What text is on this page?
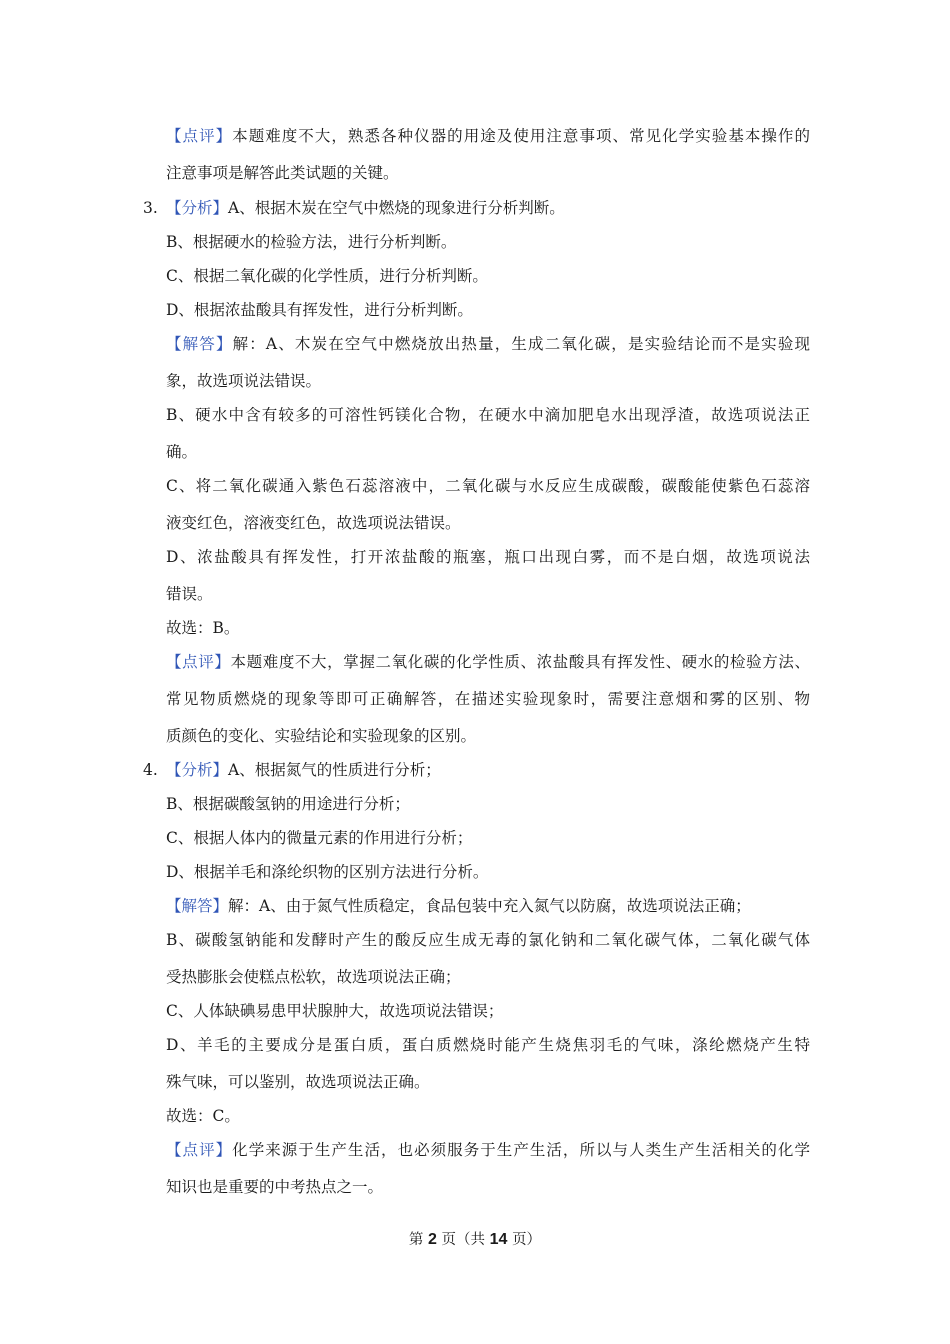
【点评】本题难度不大，熟悉各种仪器的用途及使用注意事项、常见化学实验基本操作的
注意事项是解答此类试题的关键。
3. 【分析】A、根据木炭在空气中燃烧的现象进行分析判断。
B、根据硬水的检验方法，进行分析判断。
C、根据二氧化碳的化学性质，进行分析判断。
D、根据浓盐酸具有挥发性，进行分析判断。
【解答】解：A、木炭在空气中燃烧放出热量，生成二氧化碳，是实验结论而不是实验现
象，故选项说法错误。
B、硬水中含有较多的可溶性钙镁化合物，在硬水中滴加肥皂水出现浮渣，故选项说法正
确。
C、将二氧化碳通入紫色石蕊溶液中，二氧化碳与水反应生成碳酸，碳酸能使紫色石蕊溶
液变红色，溶液变红色，故选项说法错误。
D、浓盐酸具有挥发性，打开浓盐酸的瓶塞，瓶口出现白雾，而不是白烟，故选项说法
错误。
故选：B。
【点评】本题难度不大，掌握二氧化碳的化学性质、浓盐酸具有挥发性、硬水的检验方法、
常见物质燃烧的现象等即可正确解答，在描述实验现象时，需要注意烟和雾的区别、物
质颜色的变化、实验结论和实验现象的区别。
4. 【分析】A、根据氮气的性质进行分析；
B、根据碳酸氢钠的用途进行分析；
C、根据人体内的微量元素的作用进行分析；
D、根据羊毛和涤纶织物的区别方法进行分析。
【解答】解：A、由于氮气性质稳定，食品包装中充入氮气以防腐，故选项说法正确；
B、碳酸氢钠能和发酵时产生的酸反应生成无毒的氯化钠和二氧化碳气体，二氧化碳气体
受热膨胀会使糕点松软，故选项说法正确；
C、人体缺碘易患甲状腺肿大，故选项说法错误；
D、羊毛的主要成分是蛋白质，蛋白质燃烧时能产生烧焦羽毛的气味，涤纶燃烧产生特
殊气味，可以鉴别，故选项说法正确。
故选：C。
【点评】化学来源于生产生活，也必须服务于生产生活，所以与人类生产生活相关的化学
知识也是重要的中考热点之一。
第 2 页（共 14 页）
